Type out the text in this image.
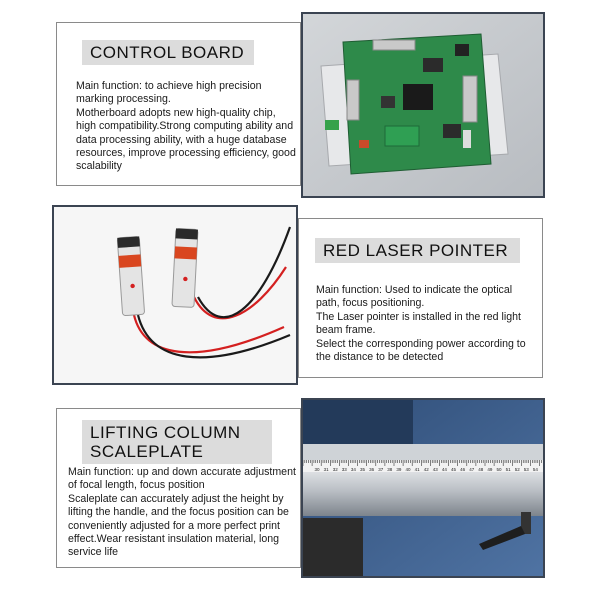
CONTROL BOARD

Main function: to achieve high precision marking processing.

Motherboard adopts new high-quality chip, high compatibility.Strong computing ability and data processing ability, with a huge database resources, improve processing efficiency, good scalability

RED LASER POINTER

Main function: Used to indicate the optical path, focus positioning.

The Laser pointer is installed in the red light beam frame.

Select the corresponding power according to the distance to be detected

LIFTING COLUMN
SCALEPLATE

Main function: up and down accurate adjustment of focal length, focus position

Scaleplate can accurately adjust the height by lifting the handle, and the focus position can be conveniently adjusted for a more perfect print effect.Wear resistant insulation material, long service life

30 31 32 33 34 35 36 37 38 39 40 41 42 43 44 45 46 47 48 49 50 51 52 53 54
